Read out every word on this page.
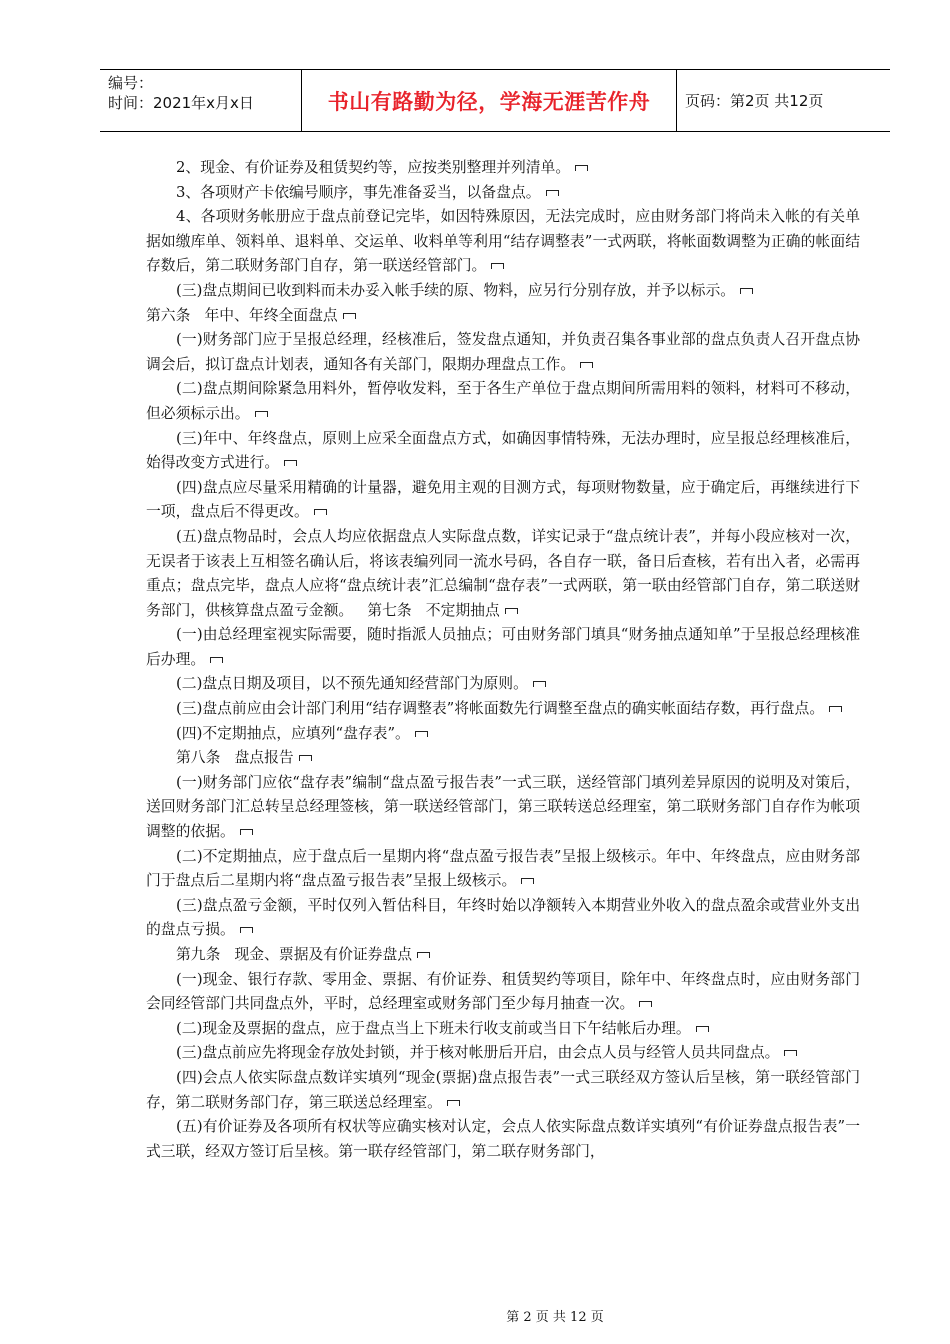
编号：
时间：2021年x月x日	书山有路勤为径，学海无涯苦作舟	页码：第2页 共12页

2、现金、有价证券及租赁契约等，应按类别整理并列清单。

3、各项财产卡依编号顺序，事先准备妥当，以备盘点。

4、各项财务帐册应于盘点前登记完毕，如因特殊原因，无法完成时，应由财务部门将尚未入帐的有关单据如缴库单、领料单、退料单、交运单、收料单等利用“结存调整表”一式两联，将帐面数调整为正确的帐面结存数后，第二联财务部门自存，第一联送经管部门。

(三)盘点期间已收到料而未办妥入帐手续的原、物料，应另行分别存放，并予以标示。

第六条   年中、年终全面盘点

(一)财务部门应于呈报总经理，经核准后，签发盘点通知，并负责召集各事业部的盘点负责人召开盘点协调会后，拟订盘点计划表，通知各有关部门，限期办理盘点工作。

(二)盘点期间除紧急用料外，暂停收发料，至于各生产单位于盘点期间所需用料的领料，材料可不移动，但必须标示出。

(三)年中、年终盘点，原则上应采全面盘点方式，如确因事情特殊，无法办理时，应呈报总经理核准后，始得改变方式进行。

(四)盘点应尽量采用精确的计量器，避免用主观的目测方式，每项财物数量，应于确定后，再继续进行下一项，盘点后不得更改。

(五)盘点物品时，会点人均应依据盘点人实际盘点数，详实记录于“盘点统计表”，并每小段应核对一次，无误者于该表上互相签名确认后，将该表编列同一流水号码，各自存一联，备日后查核，若有出入者，必需再重点；盘点完毕，盘点人应将“盘点统计表”汇总编制“盘存表”一式两联，第一联由经管部门自存，第二联送财务部门，供核算盘点盈亏金额。   第七条   不定期抽点

(一)由总经理室视实际需要，随时指派人员抽点；可由财务部门填具“财务抽点通知单”于呈报总经理核准后办理。

(二)盘点日期及项目，以不预先通知经营部门为原则。

(三)盘点前应由会计部门利用“结存调整表”将帐面数先行调整至盘点的确实帐面结存数，再行盘点。

(四)不定期抽点，应填列“盘存表”。

第八条   盘点报告

(一)财务部门应依“盘存表”编制“盘点盈亏报告表”一式三联，送经管部门填列差异原因的说明及对策后，送回财务部门汇总转呈总经理签核，第一联送经管部门，第三联转送总经理室，第二联财务部门自存作为帐项调整的依据。

(二)不定期抽点，应于盘点后一星期内将“盘点盈亏报告表”呈报上级核示。年中、年终盘点，应由财务部门于盘点后二星期内将“盘点盈亏报告表”呈报上级核示。

(三)盘点盈亏金额，平时仅列入暂估科目，年终时始以净额转入本期营业外收入的盘点盈余或营业外支出的盘点亏损。

第九条   现金、票据及有价证券盘点

(一)现金、银行存款、零用金、票据、有价证券、租赁契约等项目，除年中、年终盘点时，应由财务部门会同经管部门共同盘点外，平时，总经理室或财务部门至少每月抽查一次。

(二)现金及票据的盘点，应于盘点当上下班未行收支前或当日下午结帐后办理。

(三)盘点前应先将现金存放处封锁，并于核对帐册后开启，由会点人员与经管人员共同盘点。

(四)会点人依实际盘点数详实填列“现金(票据)盘点报告表”一式三联经双方签认后呈核，第一联经管部门存，第二联财务部门存，第三联送总经理室。

(五)有价证券及各项所有权状等应确实核对认定，会点人依实际盘点数详实填列“有价证券盘点报告表”一式三联，经双方签订后呈核。第一联存经管部门，第二联存财务部门，

第 2 页 共 12 页
